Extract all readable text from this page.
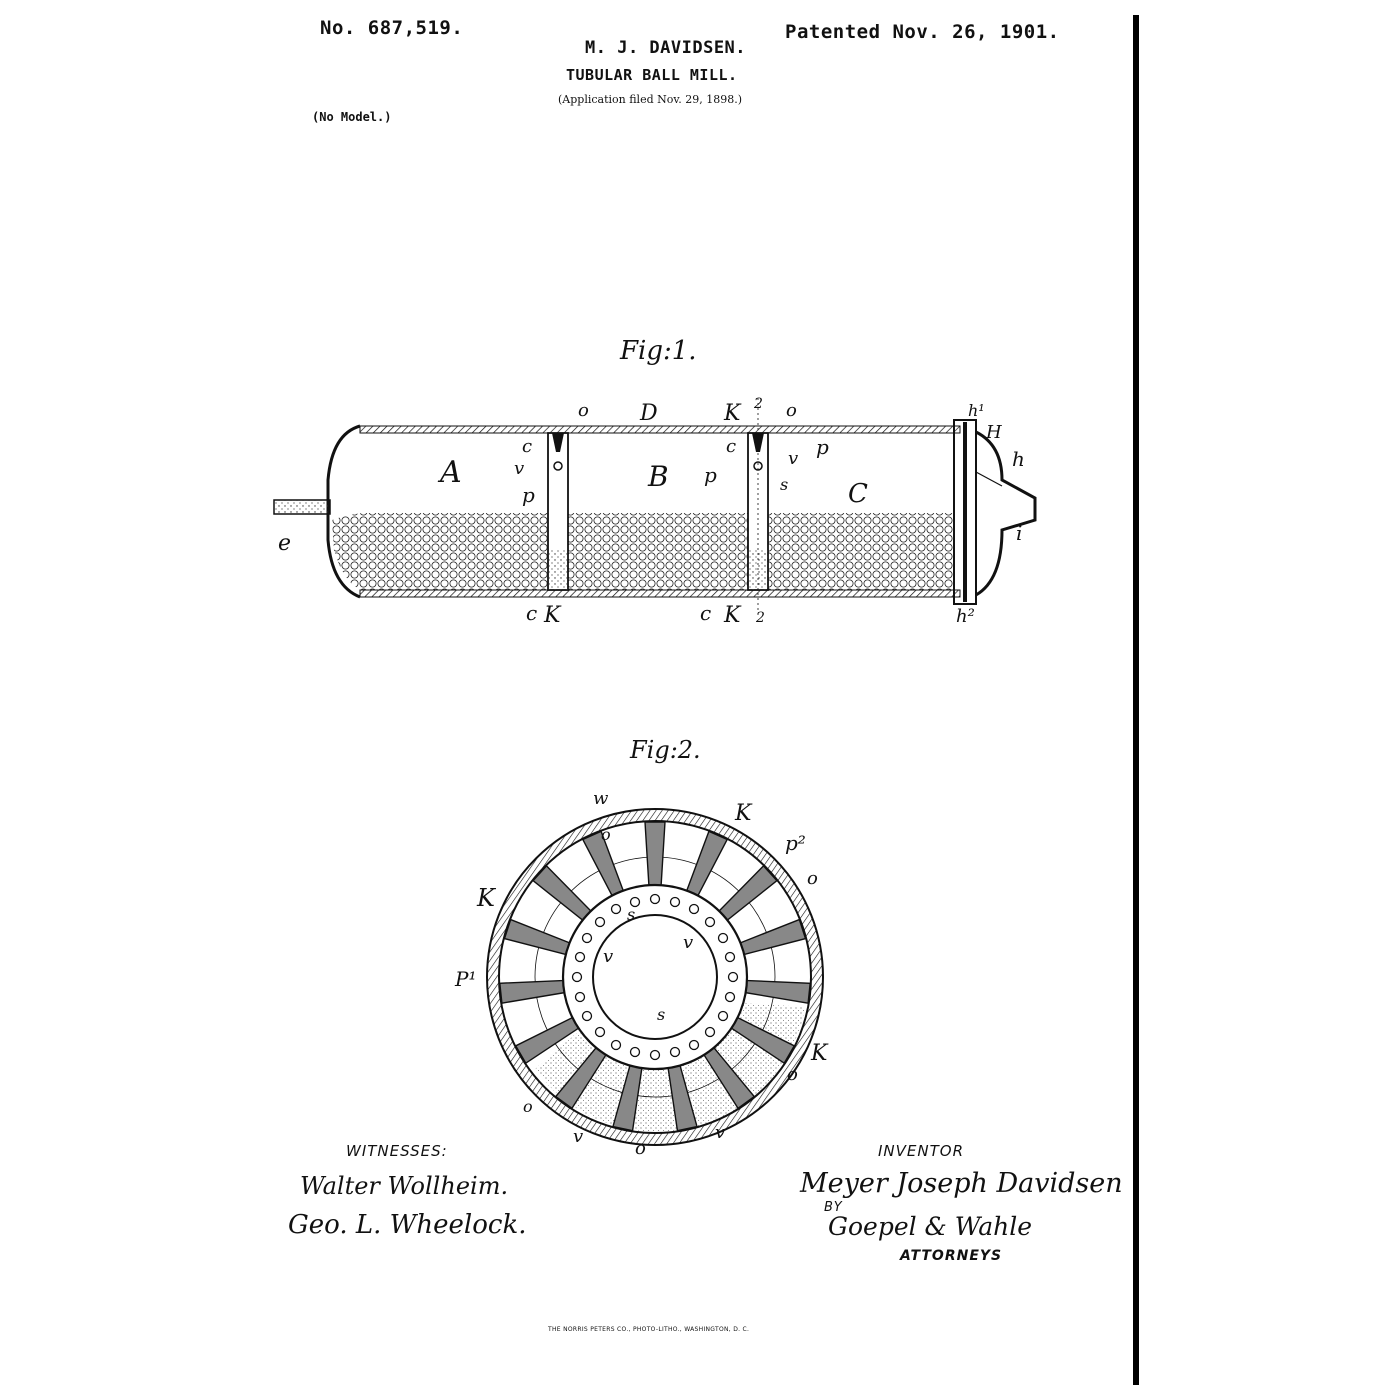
No. 687,519.	Patented Nov. 26, 1901.
M. J. DAVIDSEN.
TUBULAR BALL MILL.
(Application filed Nov. 29, 1898.)
(No Model.)
Fig:1.
Fig:2.
A	B
C
D
c
v
p
o
c K
K 2 o
c
p
v p
s
c K 2
h¹
H
h
e	i
h²
w
K
p²
o
o
K
P¹
v
v
s
s
K
o
o
v
o
v
WITNESSES:
Walter Wollheim.
Geo. L. Wheelock.
INVENTOR
Meyer Joseph Davidsen
BY
Goepel & Wahle
ATTORNEYS
THE NORRIS PETERS CO., PHOTO-LITHO., WASHINGTON, D. C.
